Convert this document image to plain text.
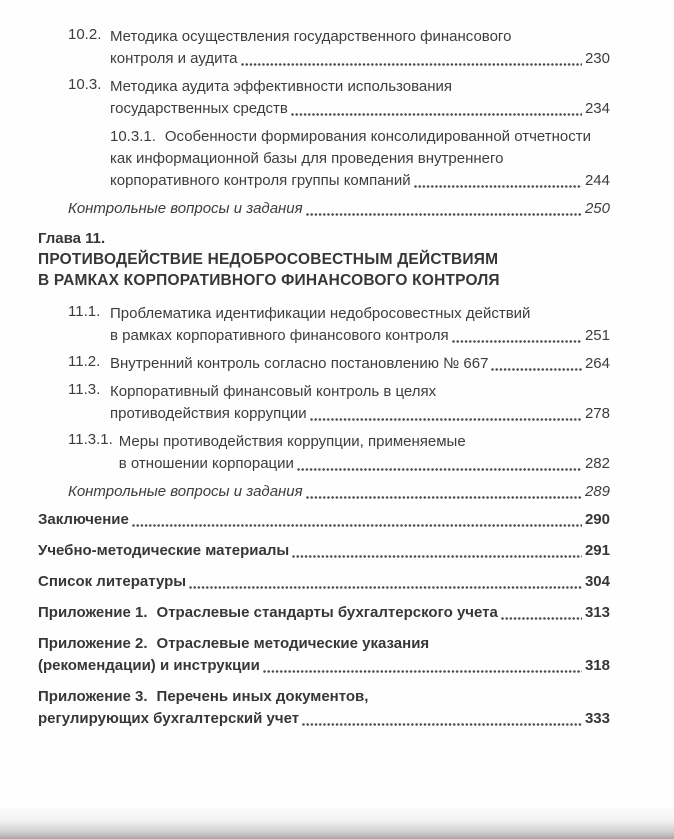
10.2. Методика осуществления государственного финансового
контроля и аудита	230
10.3. Методика аудита эффективности использования
государственных средств	234
10.3.1. Особенности формирования консолидированной отчетности
как информационной базы для проведения внутреннего
корпоративного контроля группы компаний	244
Контрольные вопросы и задания	250
Глава 11.
ПРОТИВОДЕЙСТВИЕ НЕДОБРОСОВЕСТНЫМ ДЕЙСТВИЯМ
В РАМКАХ КОРПОРАТИВНОГО ФИНАНСОВОГО КОНТРОЛЯ
11.1. Проблематика идентификации недобросовестных действий
в рамках корпоративного финансового контроля	251
11.2. Внутренний контроль согласно постановлению № 667	264
11.3. Корпоративный финансовый контроль в целях
противодействия коррупции	278
11.3.1. Меры противодействия коррупции, применяемые
в отношении корпорации	282
Контрольные вопросы и задания	289
Заключение	290
Учебно-методические материалы	291
Список литературы	304
Приложение 1. Отраслевые стандарты бухгалтерского учета	313
Приложение 2. Отраслевые методические указания
(рекомендации) и инструкции	318
Приложение 3. Перечень иных документов,
регулирующих бухгалтерский учет	333
